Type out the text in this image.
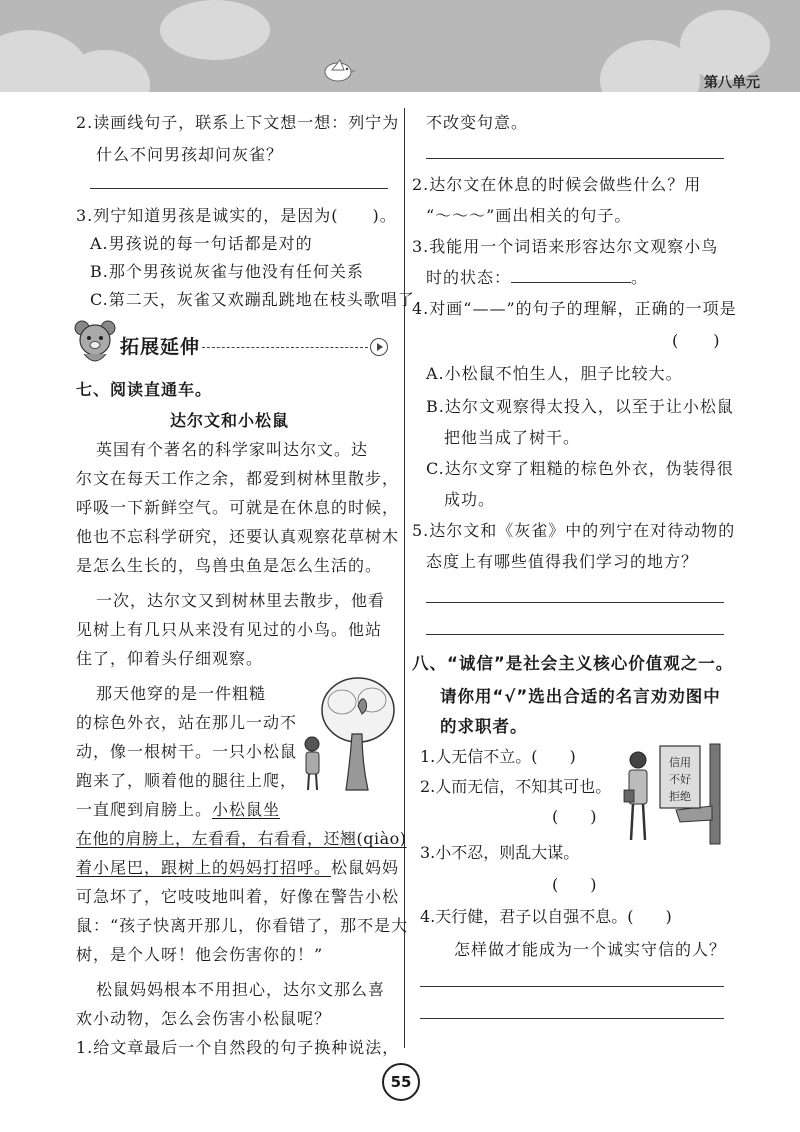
第八单元
2.读画线句子，联系上下文想一想：列宁为
什么不问男孩却问灰雀？
3.列宁知道男孩是诚实的，是因为(　　)。
A.男孩说的每一句话都是对的
B.那个男孩说灰雀与他没有任何关系
C.第二天，灰雀又欢蹦乱跳地在枝头歌唱了
拓展延伸
七、阅读直通车。
达尔文和小松鼠
英国有个著名的科学家叫达尔文。达
尔文在每天工作之余，都爱到树林里散步，
呼吸一下新鲜空气。可就是在休息的时候，
他也不忘科学研究，还要认真观察花草树木
是怎么生长的，鸟兽虫鱼是怎么生活的。
一次，达尔文又到树林里去散步，他看
见树上有几只从来没有见过的小鸟。他站
住了，仰着头仔细观察。
那天他穿的是一件粗糙
的棕色外衣，站在那儿一动不
动，像一根树干。一只小松鼠
跑来了，顺着他的腿往上爬，
一直爬到肩膀上。小松鼠坐
在他的肩膀上，左看看，右看看，还翘(qiào)
着小尾巴，跟树上的妈妈打招呼。松鼠妈妈
可急坏了，它吱吱地叫着，好像在警告小松
鼠：“孩子快离开那儿，你看错了，那不是大
树，是个人呀！他会伤害你的！”
松鼠妈妈根本不用担心，达尔文那么喜
欢小动物，怎么会伤害小松鼠呢？
1.给文章最后一个自然段的句子换种说法，
不改变句意。
2.达尔文在休息的时候会做些什么？用
“～～～”画出相关的句子。
3.我能用一个词语来形容达尔文观察小鸟
时的状态：	。
4.对画“——”的句子的理解，正确的一项是
(　　)
A.小松鼠不怕生人，胆子比较大。
B.达尔文观察得太投入，以至于让小松鼠
把他当成了树干。
C.达尔文穿了粗糙的棕色外衣，伪装得很
成功。
5.达尔文和《灰雀》中的列宁在对待动物的
态度上有哪些值得我们学习的地方？
八、“诚信”是社会主义核心价值观之一。
请你用“√”选出合适的名言劝劝图中
的求职者。
1.人无信不立。(　　)
2.人而无信，不知其可也。
(　　)
3.小不忍，则乱大谋。
(　　)
4.天行健，君子以自强不息。(　　)
信用
不好
拒绝
怎样做才能成为一个诚实守信的人？
55
